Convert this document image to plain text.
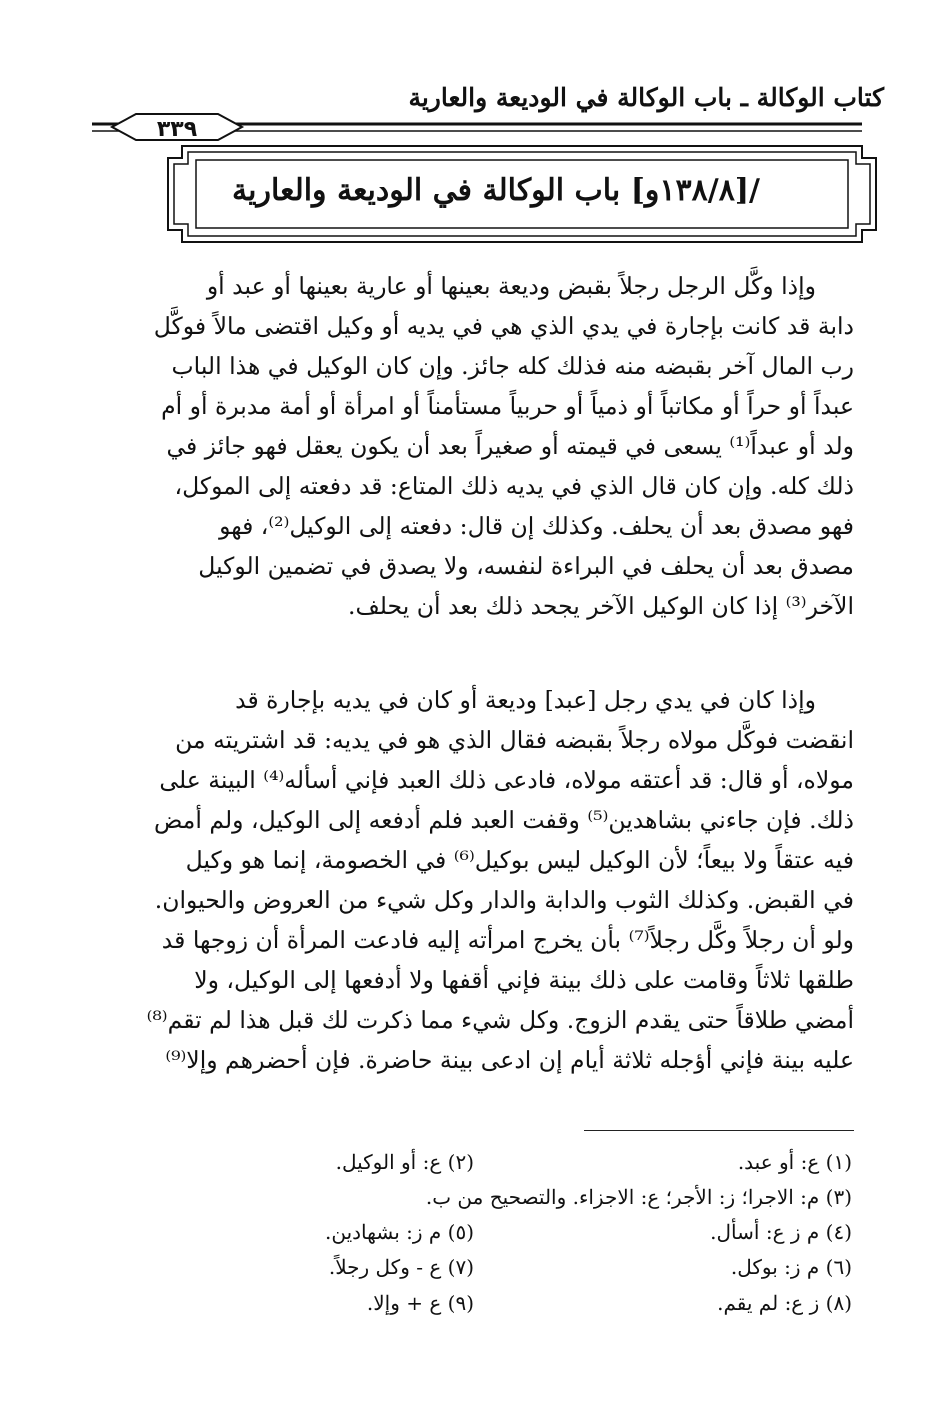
كتاب الوكالة ـ باب الوكالة في الوديعة والعارية
٣٣٩
/[١٣٨/٨و] باب الوكالة في الوديعة والعارية
وإذا وكَّل الرجل رجلاً بقبض وديعة بعينها أو عارية بعينها أو عبد أو
دابة قد كانت بإجارة في يدي الذي هي في يديه أو وكيل اقتضى مالاً فوكَّل
رب المال آخر بقبضه منه فذلك كله جائز. وإن كان الوكيل في هذا الباب
عبداً أو حراً أو مكاتباً أو ذمياً أو حربياً مستأمناً أو امرأة أو أمة مدبرة أو أم
ولد أو عبداً⁽¹⁾ يسعى في قيمته أو صغيراً بعد أن يكون يعقل فهو جائز في
ذلك كله. وإن كان قال الذي في يديه ذلك المتاع: قد دفعته إلى الموكل،
فهو مصدق بعد أن يحلف. وكذلك إن قال: دفعته إلى الوكيل⁽²⁾، فهو
مصدق بعد أن يحلف في البراءة لنفسه، ولا يصدق في تضمين الوكيل
الآخر⁽³⁾ إذا كان الوكيل الآخر يجحد ذلك بعد أن يحلف.
وإذا كان في يدي رجل [عبد] وديعة أو كان في يديه بإجارة قد
انقضت فوكَّل مولاه رجلاً بقبضه فقال الذي هو في يديه: قد اشتريته من
مولاه، أو قال: قد أعتقه مولاه، فادعى ذلك العبد فإني أسأله⁽⁴⁾ البينة على
ذلك. فإن جاءني بشاهدين⁽⁵⁾ وقفت العبد فلم أدفعه إلى الوكيل، ولم أمض
فيه عتقاً ولا بيعاً؛ لأن الوكيل ليس بوكيل⁽⁶⁾ في الخصومة، إنما هو وكيل
في القبض. وكذلك الثوب والدابة والدار وكل شيء من العروض والحيوان.
ولو أن رجلاً وكَّل رجلاً⁽⁷⁾ بأن يخرج امرأته إليه فادعت المرأة أن زوجها قد
طلقها ثلاثاً وقامت على ذلك بينة فإني أقفها ولا أدفعها إلى الوكيل، ولا
أمضي طلاقاً حتى يقدم الزوج. وكل شيء مما ذكرت لك قبل هذا لم تقم⁽⁸⁾
عليه بينة فإني أؤجله ثلاثة أيام إن ادعى بينة حاضرة. فإن أحضرهم وإلا⁽⁹⁾
(١) ع: أو عبد.
(٢) ع: أو الوكيل.
(٣) م: الاجرا؛ ز: الأجر؛ ع: الاجزاء. والتصحيح من ب.
(٤) م ز ع: أسأل.
(٥) م ز: بشهادين.
(٦) م ز: بوكل.
(٧) ع - وكل رجلاً.
(٨) ز ع: لم يقم.
(٩) ع + وإلا.
